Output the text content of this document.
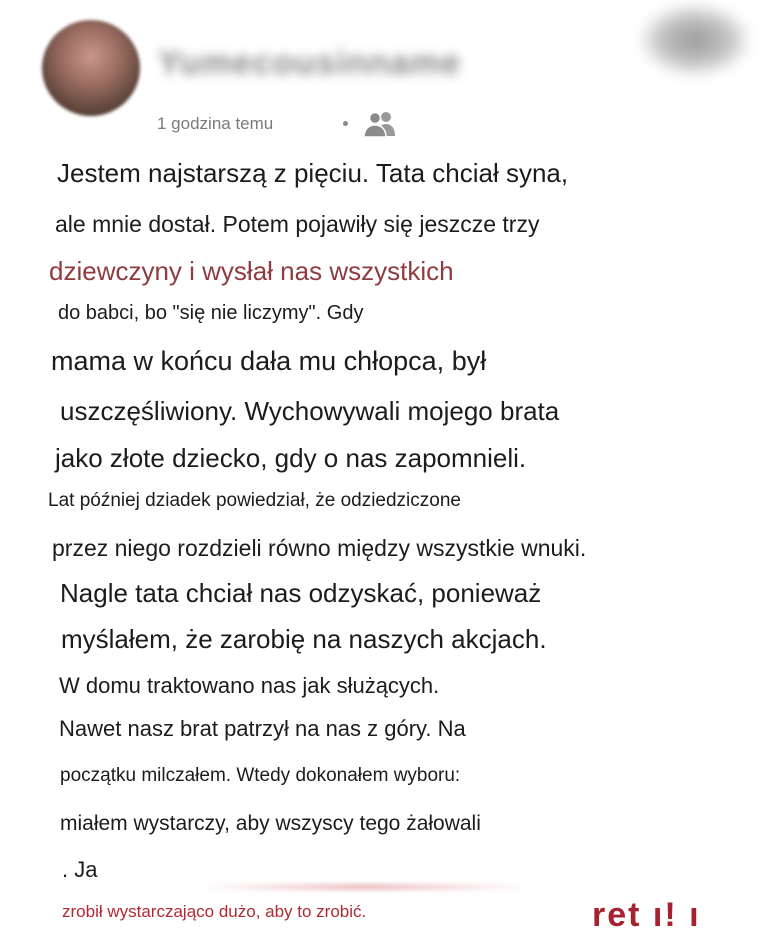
Yumecousinname
1 godzina temu
Jestem najstarszą z pięciu. Tata chciał syna,
ale mnie dostał. Potem pojawiły się jeszcze trzy
dziewczyny i wysłał nas wszystkich
do babci, bo "się nie liczymy". Gdy
mama w końcu dała mu chłopca, był
uszczęśliwiony. Wychowywali mojego brata
jako złote dziecko, gdy o nas zapomnieli.
Lat później dziadek powiedział, że odziedziczone
przez niego rozdzieli równo między wszystkie wnuki.
Nagle tata chciał nas odzyskać, ponieważ
myślałem, że zarobię na naszych akcjach.
W domu traktowano nas jak służących.
Nawet nasz brat patrzył na nas z góry. Na
początku milczałem. Wtedy dokonałem wyboru:
miałem wystarczy, aby wszyscy tego żałowali
. Ja
zrobił wystarczająco dużo, aby to zrobić.	ret ı! ı
